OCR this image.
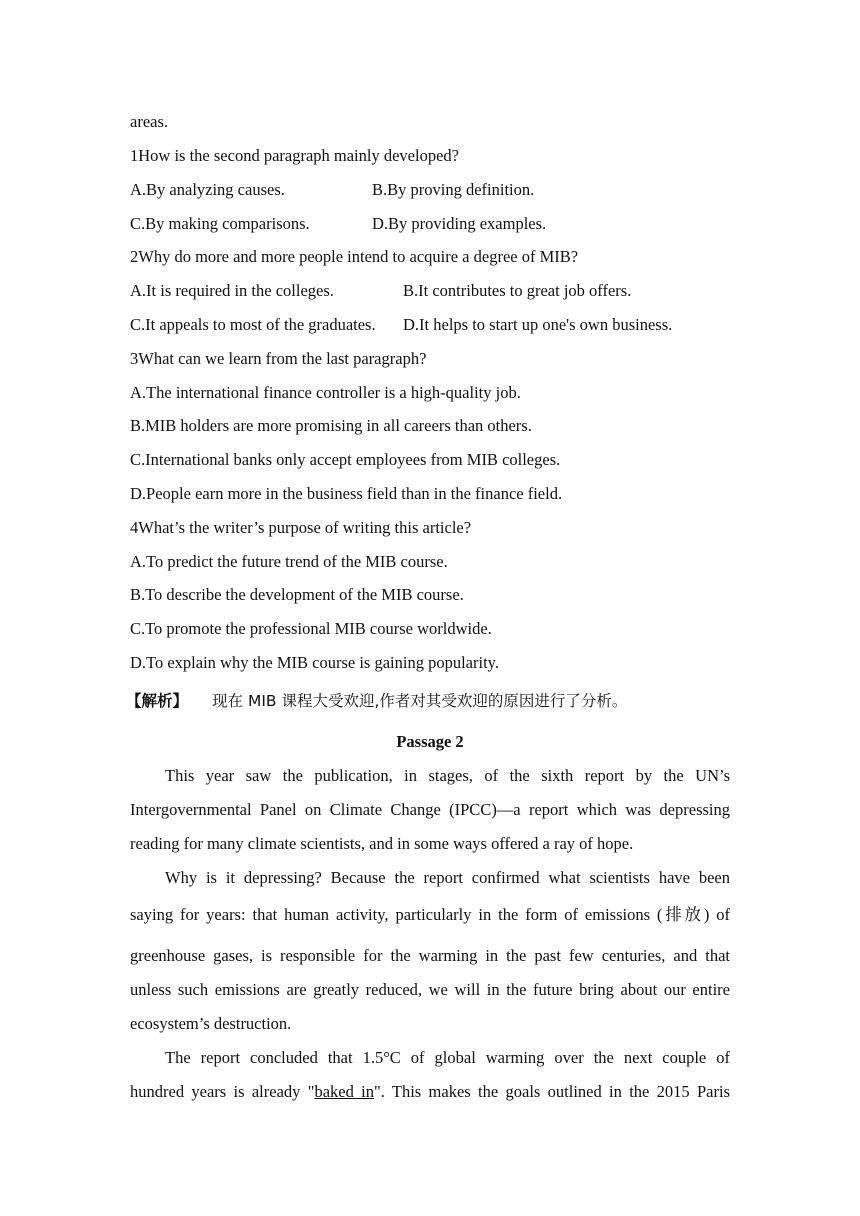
areas.
1How is the second paragraph mainly developed?
A.By analyzing causes.	B.By proving definition.
C.By making comparisons.	D.By providing examples.
2Why do more and more people intend to acquire a degree of MIB?
A.It is required in the colleges.	B.It contributes to great job offers.
C.It appeals to most of the graduates. D.It helps to start up one's own business.
3What can we learn from the last paragraph?
A.The international finance controller is a high-quality job.
B.MIB holders are more promising in all careers than others.
C.International banks only accept employees from MIB colleges.
D.People earn more in the business field than in the finance field.
4What’s the writer’s purpose of writing this article?
A.To predict the future trend of the MIB course.
B.To describe the development of the MIB course.
C.To promote the professional MIB course worldwide.
D.To explain why the MIB course is gaining popularity.
【解析】 现在 MIB 课程大受欢迎,作者对其受欢迎的原因进行了分析。
Passage 2
This year saw the publication, in stages, of the sixth report by the UN’s
Intergovernmental Panel on Climate Change (IPCC)—a report which was depressing
reading for many climate scientists, and in some ways offered a ray of hope.
Why is it depressing? Because the report confirmed what scientists have been
saying for years: that human activity, particularly in the form of emissions (排放) of
greenhouse gases, is responsible for the warming in the past few centuries, and that
unless such emissions are greatly reduced, we will in the future bring about our entire
ecosystem’s destruction.
The report concluded that 1.5°C of global warming over the next couple of
hundred years is already "baked in". This makes the goals outlined in the 2015 Paris
